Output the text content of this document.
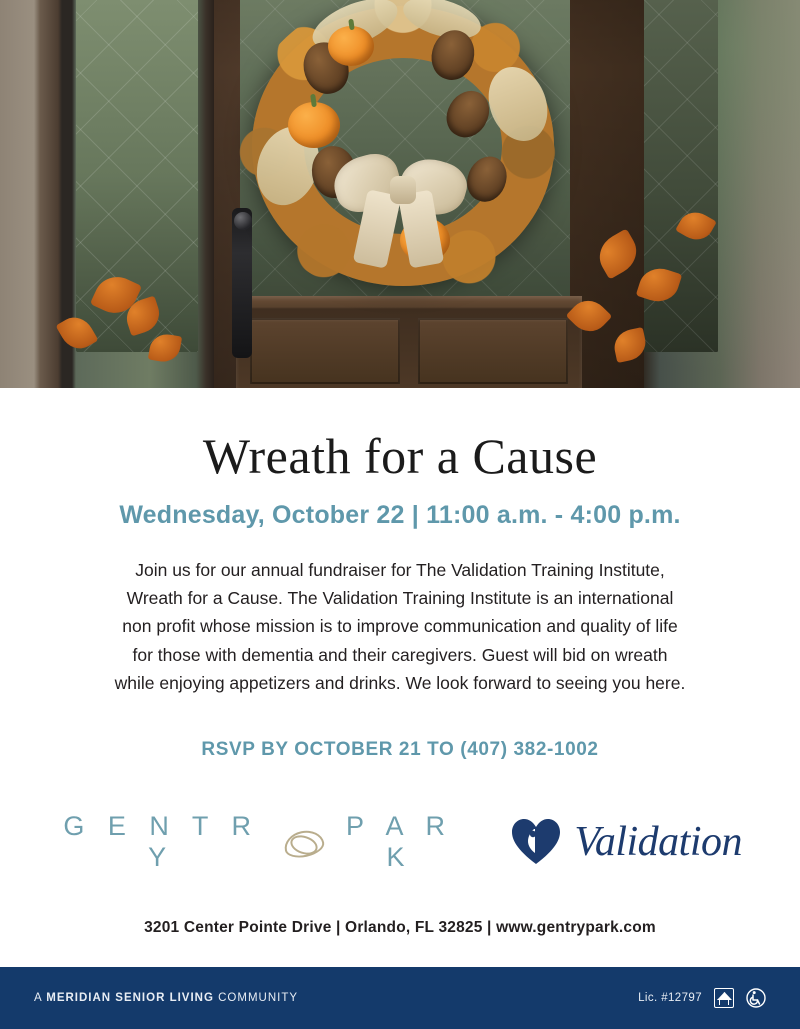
Wreath for a Cause
Wednesday, October 22 | 11:00 a.m. - 4:00 p.m.

Join us for our annual fundraiser for The Validation Training Institute, Wreath for a Cause. The Validation Training Institute is an international non profit whose mission is to improve communication and quality of life for those with dementia and their caregivers. Guest will bid on wreath while enjoying appetizers and drinks. We look forward to seeing you here.

RSVP BY OCTOBER 21 TO (407) 382-1002
G E N T R Y
P A R K	Validation
3201 Center Pointe Drive | Orlando, FL 32825 | www.gentrypark.com
A MERIDIAN SENIOR LIVING COMMUNITY	Lic. #12797
